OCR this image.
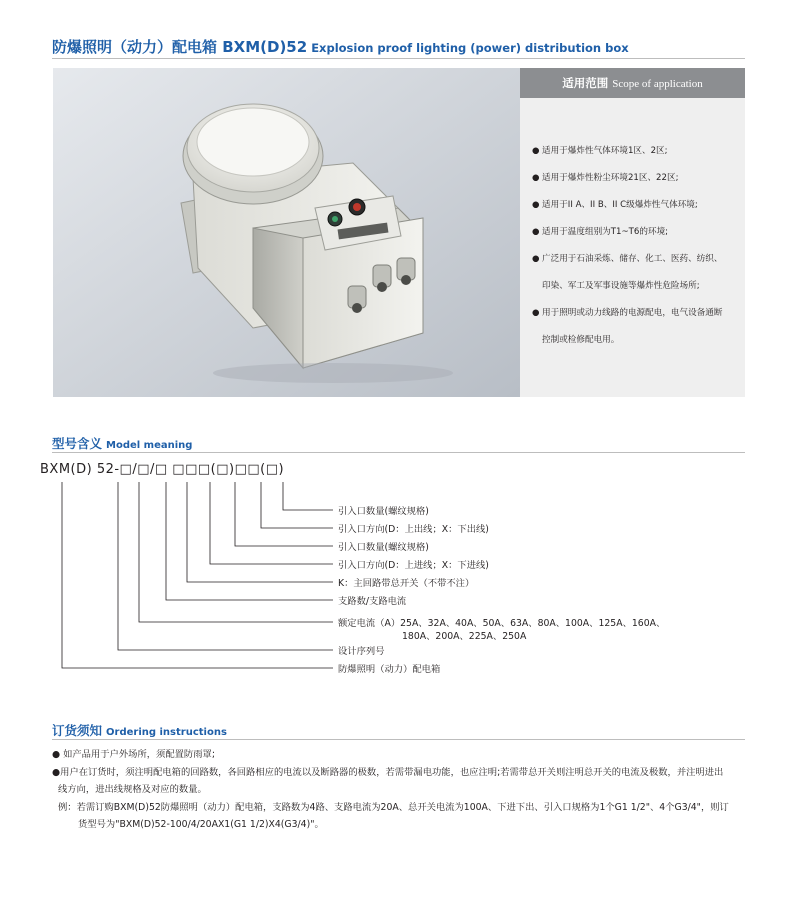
防爆照明（动力）配电箱 BXM(D)52 Explosion proof lighting (power) distribution box
适用范围 Scope of application
● 适用于爆炸性气体环境1区、2区;
● 适用于爆炸性粉尘环境21区、22区;
● 适用于II A、II B、II C级爆炸性气体环境;
● 适用于温度组别为T1~T6的环境;
● 广泛用于石油采炼、储存、化工、医药、纺织、
印染、军工及军事设施等爆炸性危险场所;
● 用于照明或动力线路的电源配电，电气设备通断
控制或检修配电用。
型号含义 Model meaning
BXM(D) 52-□/□/□ □□□(□)□□(□)
引入口数量(螺纹规格)
引入口方向(D：上出线；X：下出线)
引入口数量(螺纹规格)
引入口方向(D：上进线；X：下进线)
K：主回路带总开关（不带不注）
支路数/支路电流
额定电流（A）25A、32A、40A、50A、63A、80A、100A、125A、160A、
180A、200A、225A、250A
设计序列号
防爆照明（动力）配电箱
订货须知 Ordering instructions

● 如产品用于户外场所，须配置防雨罩;

●用户在订货时，须注明配电箱的回路数，各回路相应的电流以及断路器的极数，若需带漏电功能，也应注明;若需带总开关则注明总开关的电流及极数，并注明进出

线方向，进出线规格及对应的数量。

例：若需订购BXM(D)52防爆照明（动力）配电箱，支路数为4路、支路电流为20A、总开关电流为100A、下进下出、引入口规格为1个G1 1/2"、4个G3/4"，则订

货型号为"BXM(D)52-100/4/20AX1(G1 1/2)X4(G3/4)"。
